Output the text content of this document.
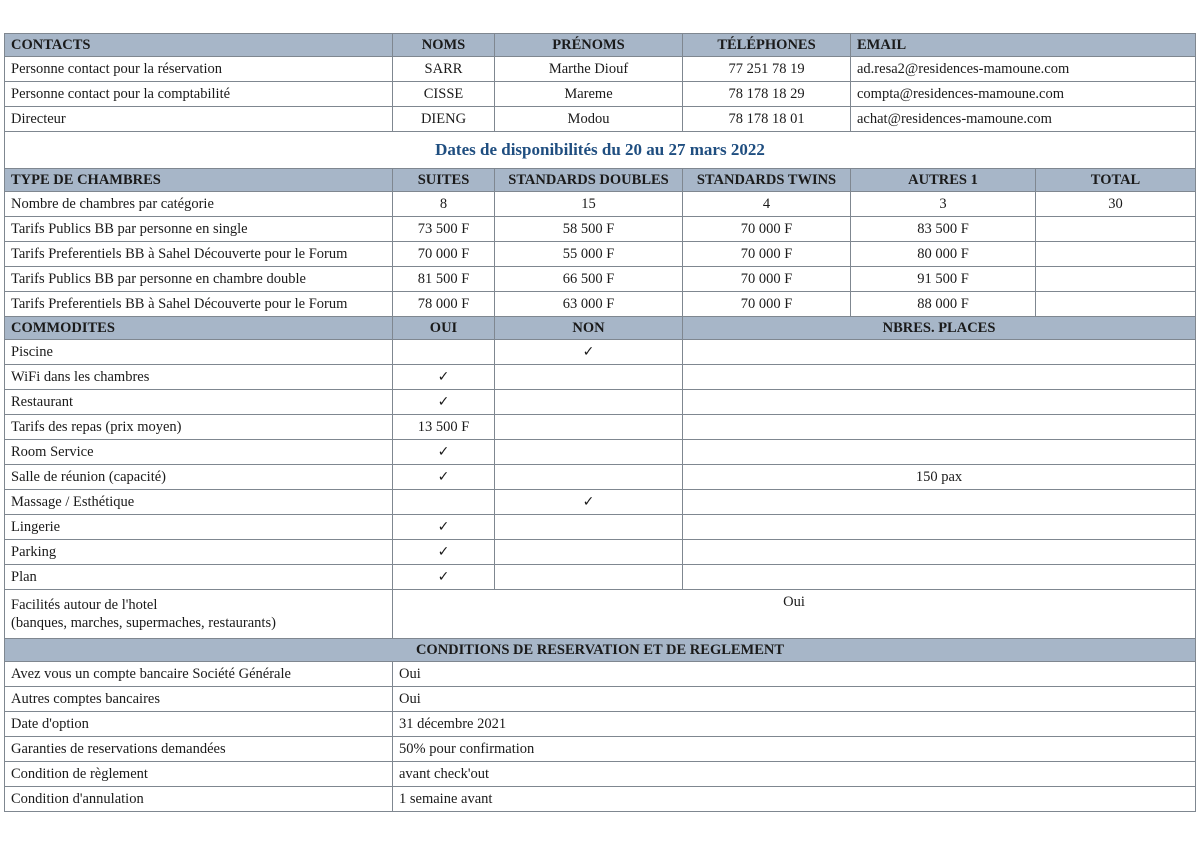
CONTACTS	NOMS	PRÉNOMS	TÉLÉPHONES	EMAIL	
Personne contact pour la réservation	SARR	Marthe Diouf	77 251 78 19	ad.resa2@residences-mamoune.com	
Personne contact pour la comptabilité	CISSE	Mareme	78 178 18 29	compta@residences-mamoune.com	
Directeur	DIENG	Modou	78 178 18 01	achat@residences-mamoune.com	
Dates de disponibilités du 20 au 27 mars 2022					
TYPE DE CHAMBRES	SUITES	STANDARDS DOUBLES	STANDARDS TWINS	AUTRES 1	TOTAL
Nombre de chambres par catégorie	8	15	4	3	30
Tarifs Publics BB par personne en single	73 500 F	58 500 F	70 000 F	83 500 F	
Tarifs Preferentiels BB à Sahel Découverte pour le Forum	70 000 F	55 000 F	70 000 F	80 000 F	
Tarifs Publics BB par personne en chambre double	81 500 F	66 500 F	70 000 F	91 500 F	
Tarifs Preferentiels BB à Sahel Découverte pour le Forum	78 000 F	63 000 F	70 000 F	88 000 F	
COMMODITES	OUI	NON	NBRES. PLACES		
Piscine		✓			
WiFi dans les chambres	✓				
Restaurant	✓				
Tarifs des repas (prix moyen)	13 500 F				
Room Service	✓				
Salle de réunion (capacité)	✓		150 pax		
Massage / Esthétique		✓			
Lingerie	✓				
Parking	✓				
Plan	✓				
Facilités autour de l'hotel
(banques, marches, supermaches, restaurants)	Oui				
CONDITIONS DE RESERVATION ET DE REGLEMENT					
Avez vous un compte bancaire Société Générale	Oui				
Autres comptes bancaires	Oui				
Date d'option	31 décembre 2021				
Garanties de reservations demandées	50% pour confirmation				
Condition de règlement	avant check'out				
Condition d'annulation	1 semaine avant				
